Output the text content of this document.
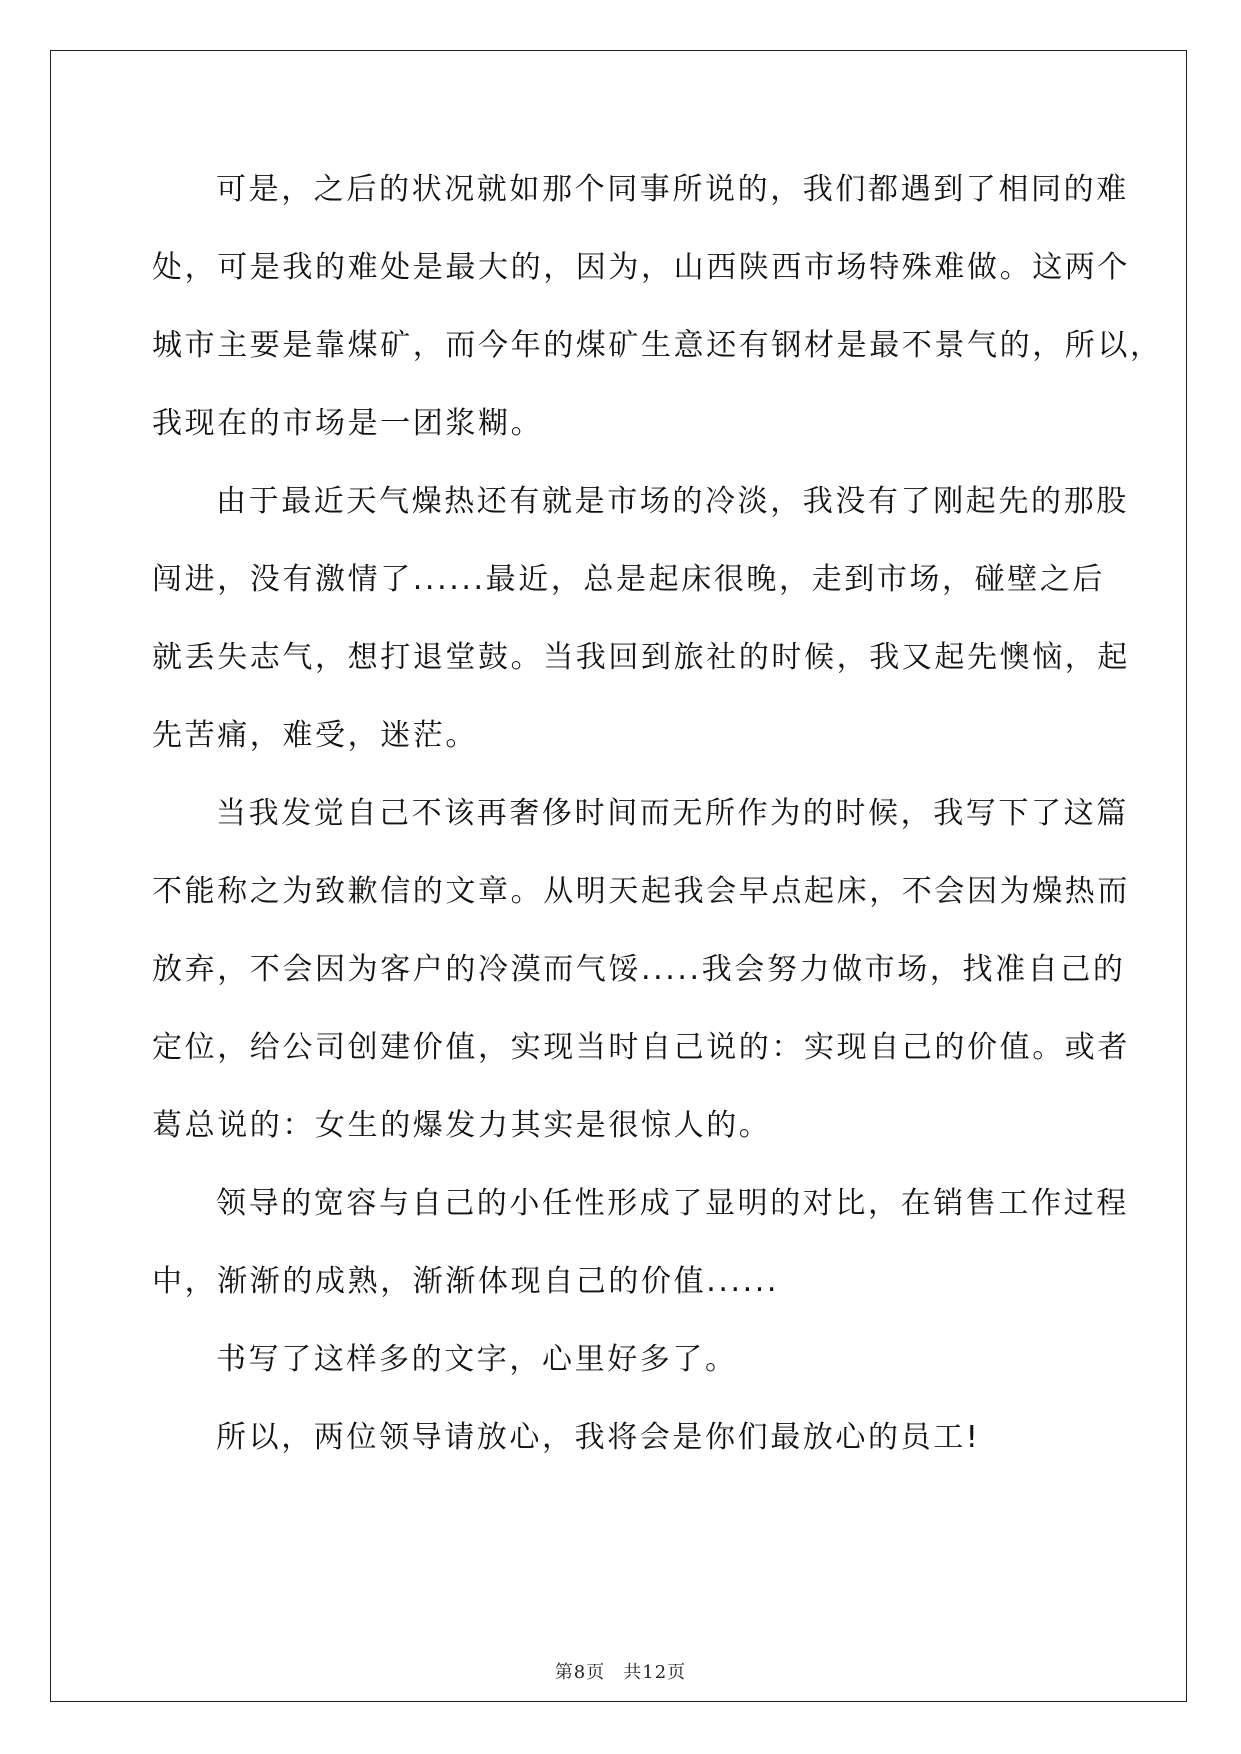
可是，之后的状况就如那个同事所说的，我们都遇到了相同的难
处，可是我的难处是最大的，因为，山西陕西市场特殊难做。这两个
城市主要是靠煤矿，而今年的煤矿生意还有钢材是最不景气的，所以，
我现在的市场是一团浆糊。
由于最近天气燥热还有就是市场的冷淡，我没有了刚起先的那股
闯进，没有激情了......最近，总是起床很晚，走到市场，碰壁之后
就丢失志气，想打退堂鼓。当我回到旅社的时候，我又起先懊恼，起
先苦痛，难受，迷茫。
当我发觉自己不该再奢侈时间而无所作为的时候，我写下了这篇
不能称之为致歉信的文章。从明天起我会早点起床，不会因为燥热而
放弃，不会因为客户的冷漠而气馁.....我会努力做市场，找准自己的
定位，给公司创建价值，实现当时自己说的：实现自己的价值。或者
葛总说的：女生的爆发力其实是很惊人的。
领导的宽容与自己的小任性形成了显明的对比，在销售工作过程
中，渐渐的成熟，渐渐体现自己的价值......
书写了这样多的文字，心里好多了。
所以，两位领导请放心，我将会是你们最放心的员工!
第8页 共12页
